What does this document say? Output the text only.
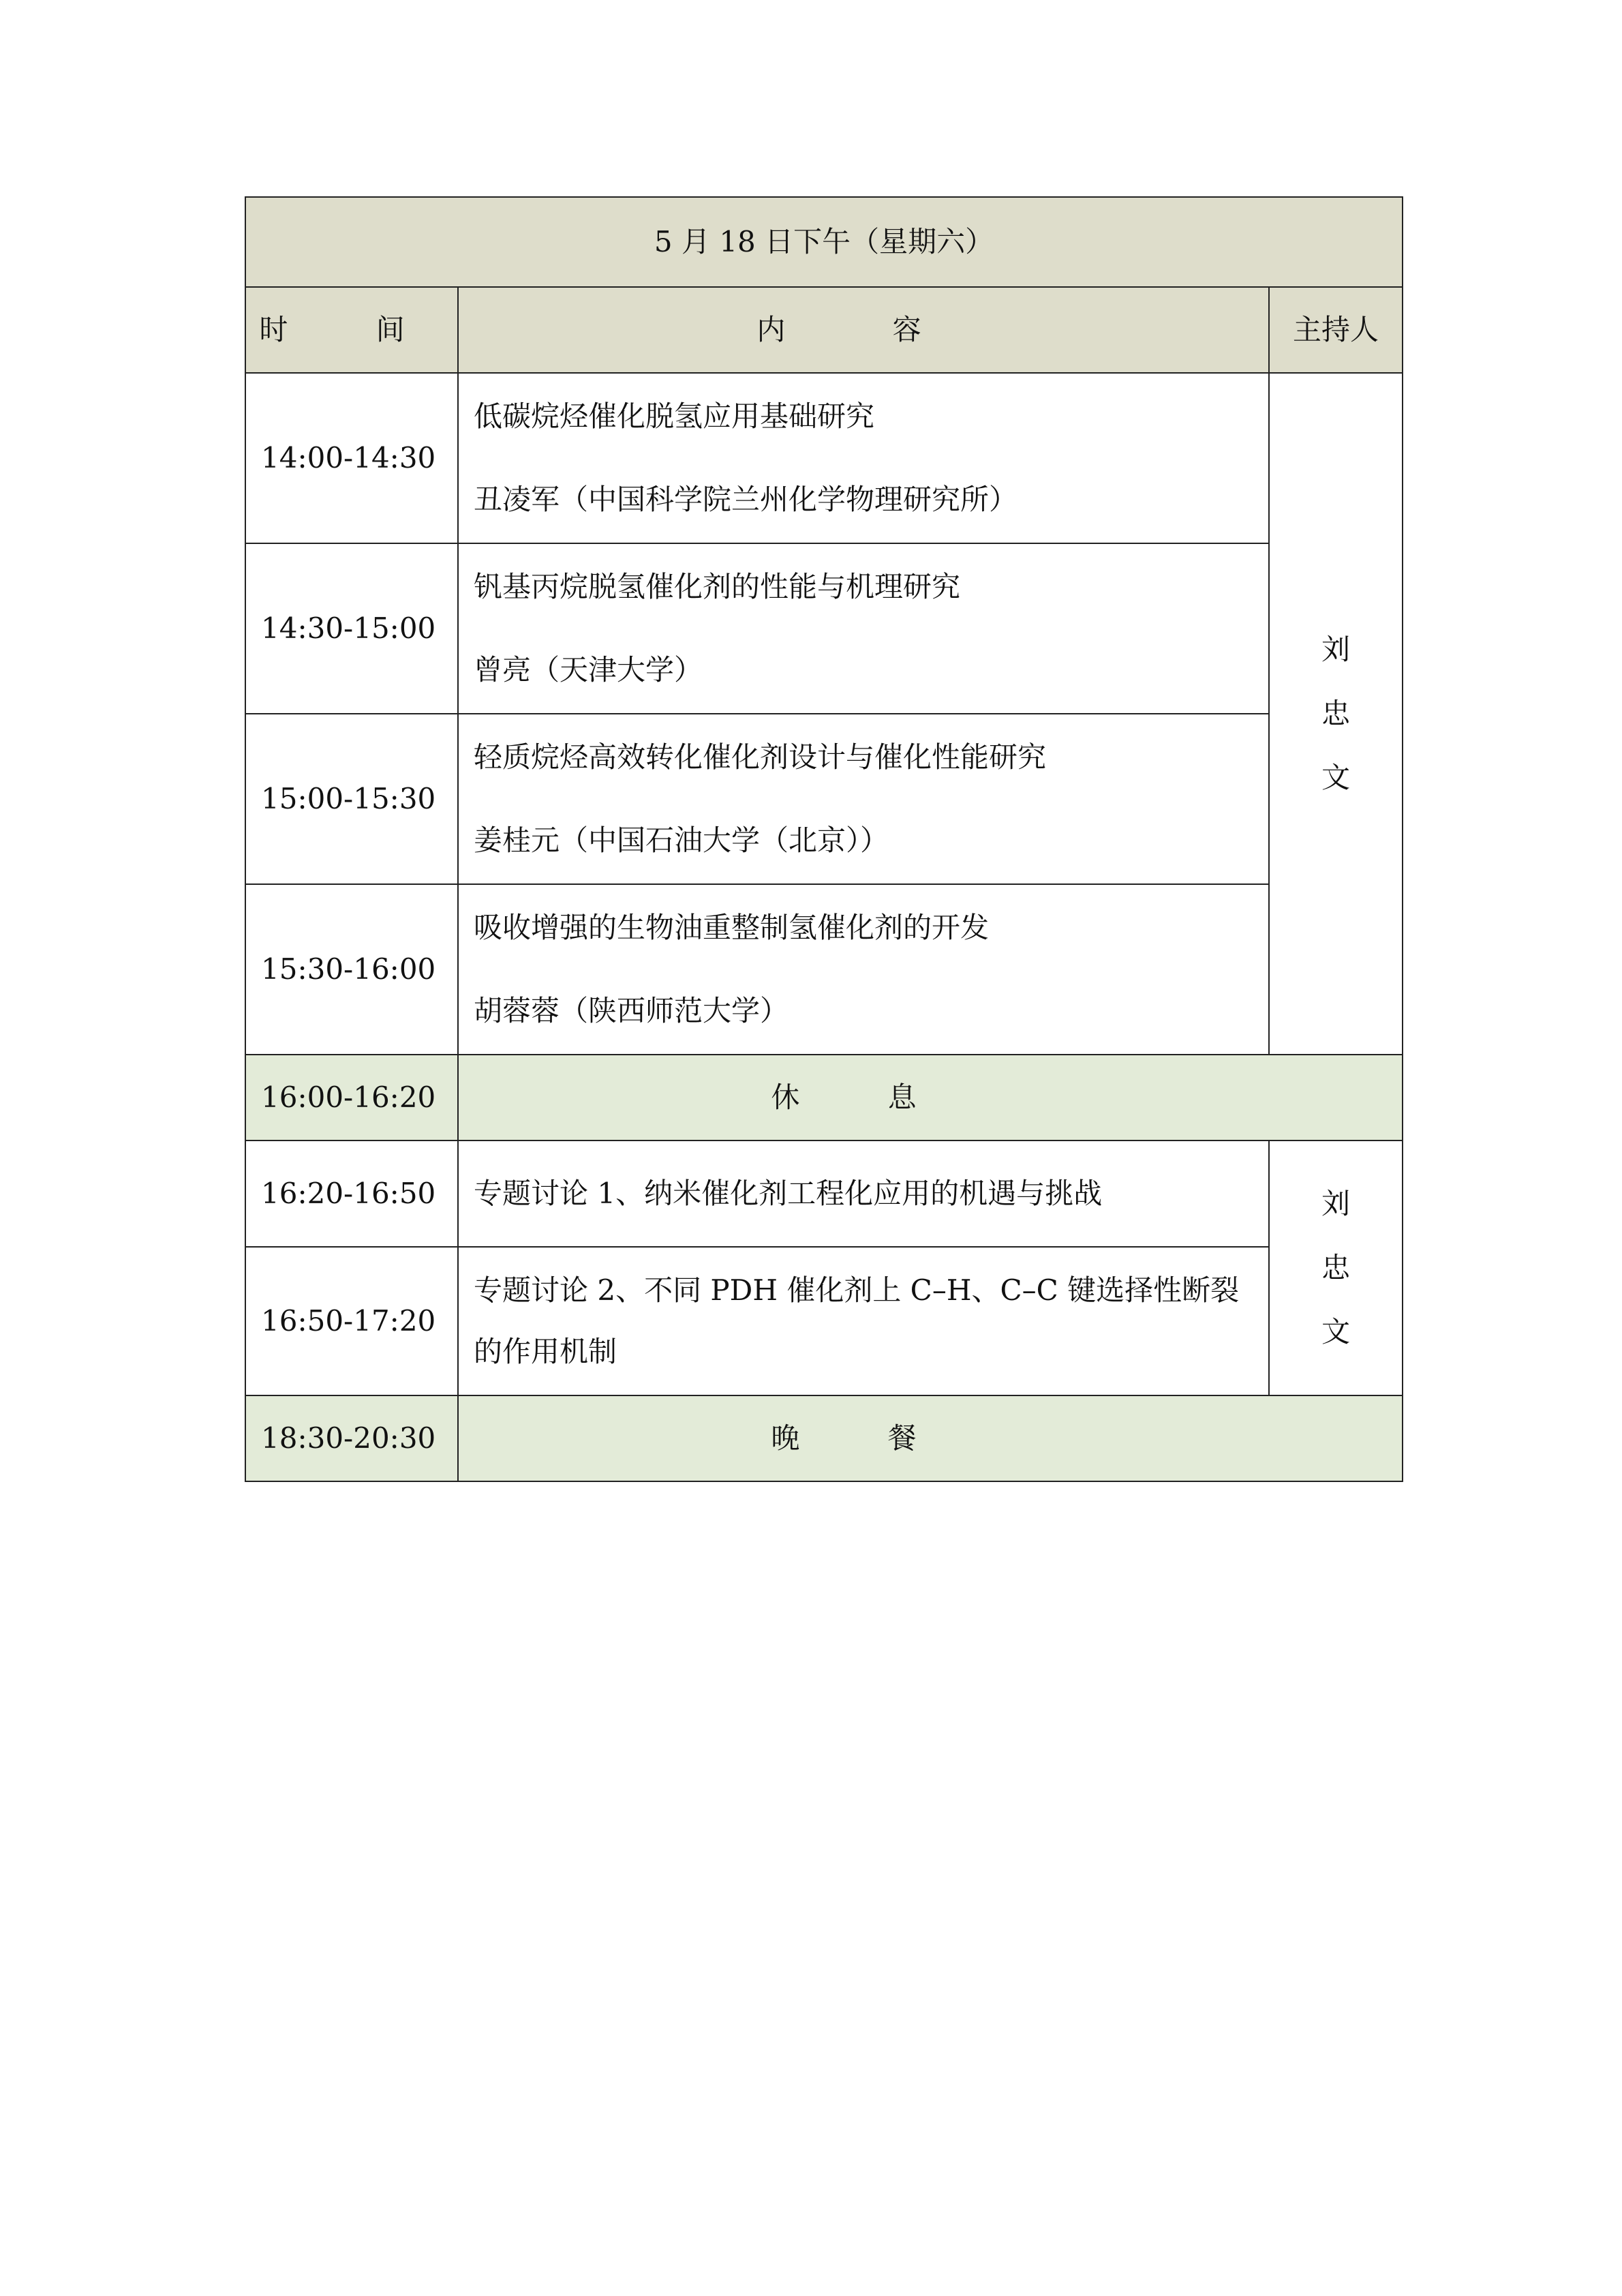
5 月 18 日下午（星期六）		
时 间	内 容	主持人
14:00-14:30	低碳烷烃催化脱氢应用基础研究
丑凌军（中国科学院兰州化学物理研究所）	刘忠文
14:30-15:00	钒基丙烷脱氢催化剂的性能与机理研究
曾亮（天津大学）	

15:00-15:30	轻质烷烃高效转化催化剂设计与催化性能研究
姜桂元（中国石油大学（北京））	

15:30-16:00	吸收增强的生物油重整制氢催化剂的开发
胡蓉蓉（陕西师范大学）	

16:00-16:20	休 息	
16:20-16:50	专题讨论 1、纳米催化剂工程化应用的机遇与挑战	刘忠文
16:50-17:20	专题讨论 2、不同 PDH 催化剂上 C–H、C–C 键选择性断裂的作用机制	

18:30-20:30	晚 餐	
